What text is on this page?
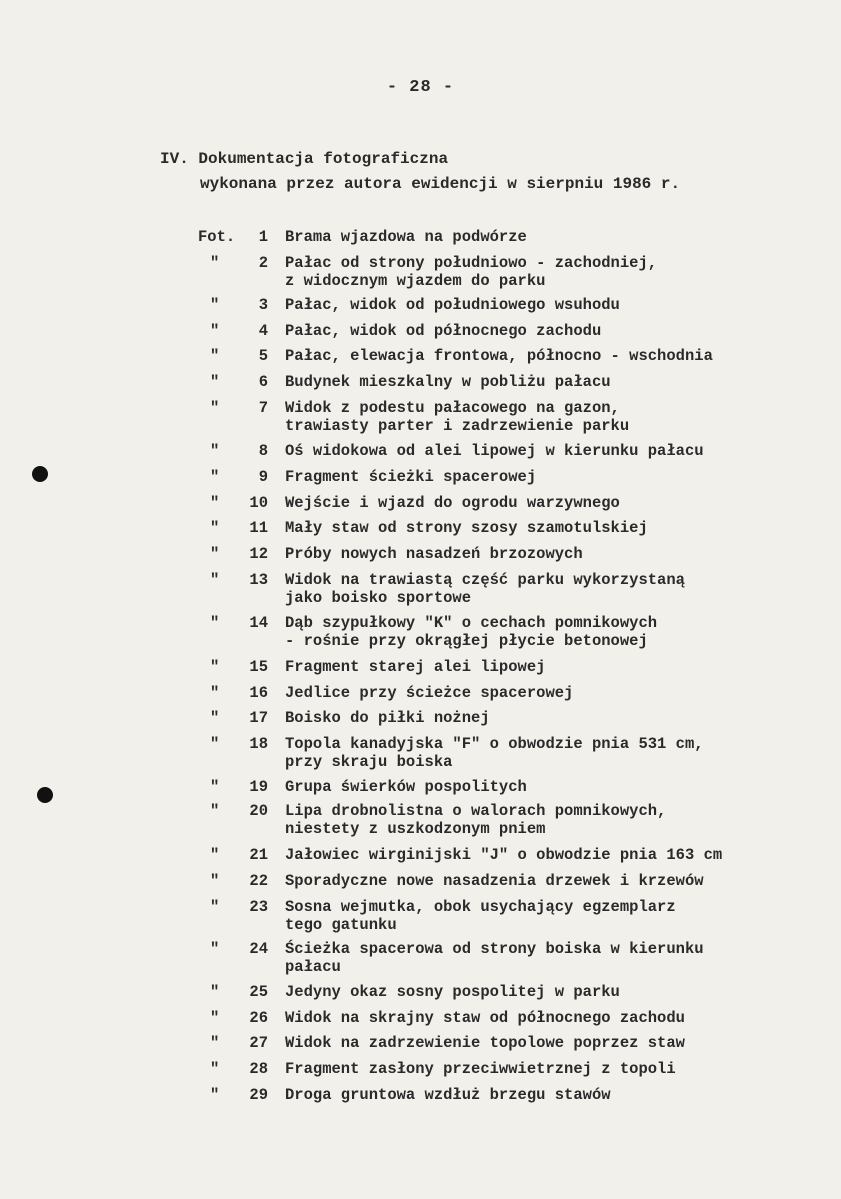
- 28 -
IV. Dokumentacja fotograficzna
wykonana przez autora ewidencji w sierpniu 1986 r.
Fot.	1 Brama wjazdowa na podwórze
"	2 Pałac od strony południowo - zachodniej,
z widocznym wjazdem do parku
"	3 Pałac, widok od południowego wsuhodu
"	4 Pałac, widok od północnego zachodu
"	5 Pałac, elewacja frontowa, północno - wschodnia
"	6 Budynek mieszkalny w pobliżu pałacu
"	7 Widok z podestu pałacowego na gazon,
trawiasty parter i zadrzewienie parku
"	8 Oś widokowa od alei lipowej w kierunku pałacu
"	9 Fragment ścieżki spacerowej
"	10 Wejście i wjazd do ogrodu warzywnego
"	11 Mały staw od strony szosy szamotulskiej
"	12 Próby nowych nasadzeń brzozowych
"	13 Widok na trawiastą część parku wykorzystaną
jako boisko sportowe
"	14 Dąb szypułkowy "K" o cechach pomnikowych
- rośnie przy okrągłej płycie betonowej
"	15 Fragment starej alei lipowej
"	16 Jedlice przy ścieżce spacerowej
"	17 Boisko do piłki nożnej
"	18 Topola kanadyjska "F" o obwodzie pnia 531 cm,
przy skraju boiska
"	19 Grupa świerków pospolitych
"	20 Lipa drobnolistna o walorach pomnikowych,
niestety z uszkodzonym pniem
"	21 Jałowiec wirginijski "J" o obwodzie pnia 163 cm
"	22 Sporadyczne nowe nasadzenia drzewek i krzewów
"	23 Sosna wejmutka, obok usychający egzemplarz
tego gatunku
"	24 Ścieżka spacerowa od strony boiska w kierunku
pałacu
"	25 Jedyny okaz sosny pospolitej w parku
"	26 Widok na skrajny staw od północnego zachodu
"	27 Widok na zadrzewienie topolowe poprzez staw
"	28 Fragment zasłony przeciwwietrznej z topoli
"	29 Droga gruntowa wzdłuż brzegu stawów
